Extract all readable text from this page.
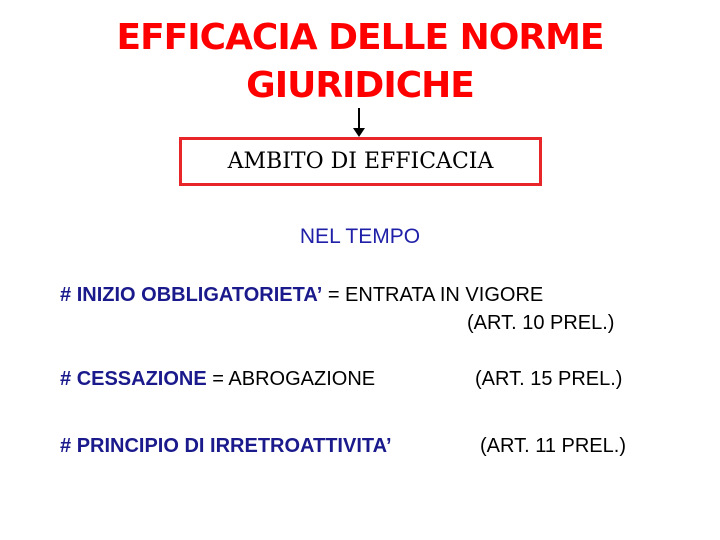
EFFICACIA DELLE NORME
GIURIDICHE
AMBITO DI EFFICACIA
NEL TEMPO
# INIZIO OBBLIGATORIETA’ = ENTRATA IN VIGORE
(ART. 10 PREL.)
# CESSAZIONE = ABROGAZIONE	(ART. 15 PREL.)
# PRINCIPIO DI IRRETROATTIVITA’	(ART. 11 PREL.)
